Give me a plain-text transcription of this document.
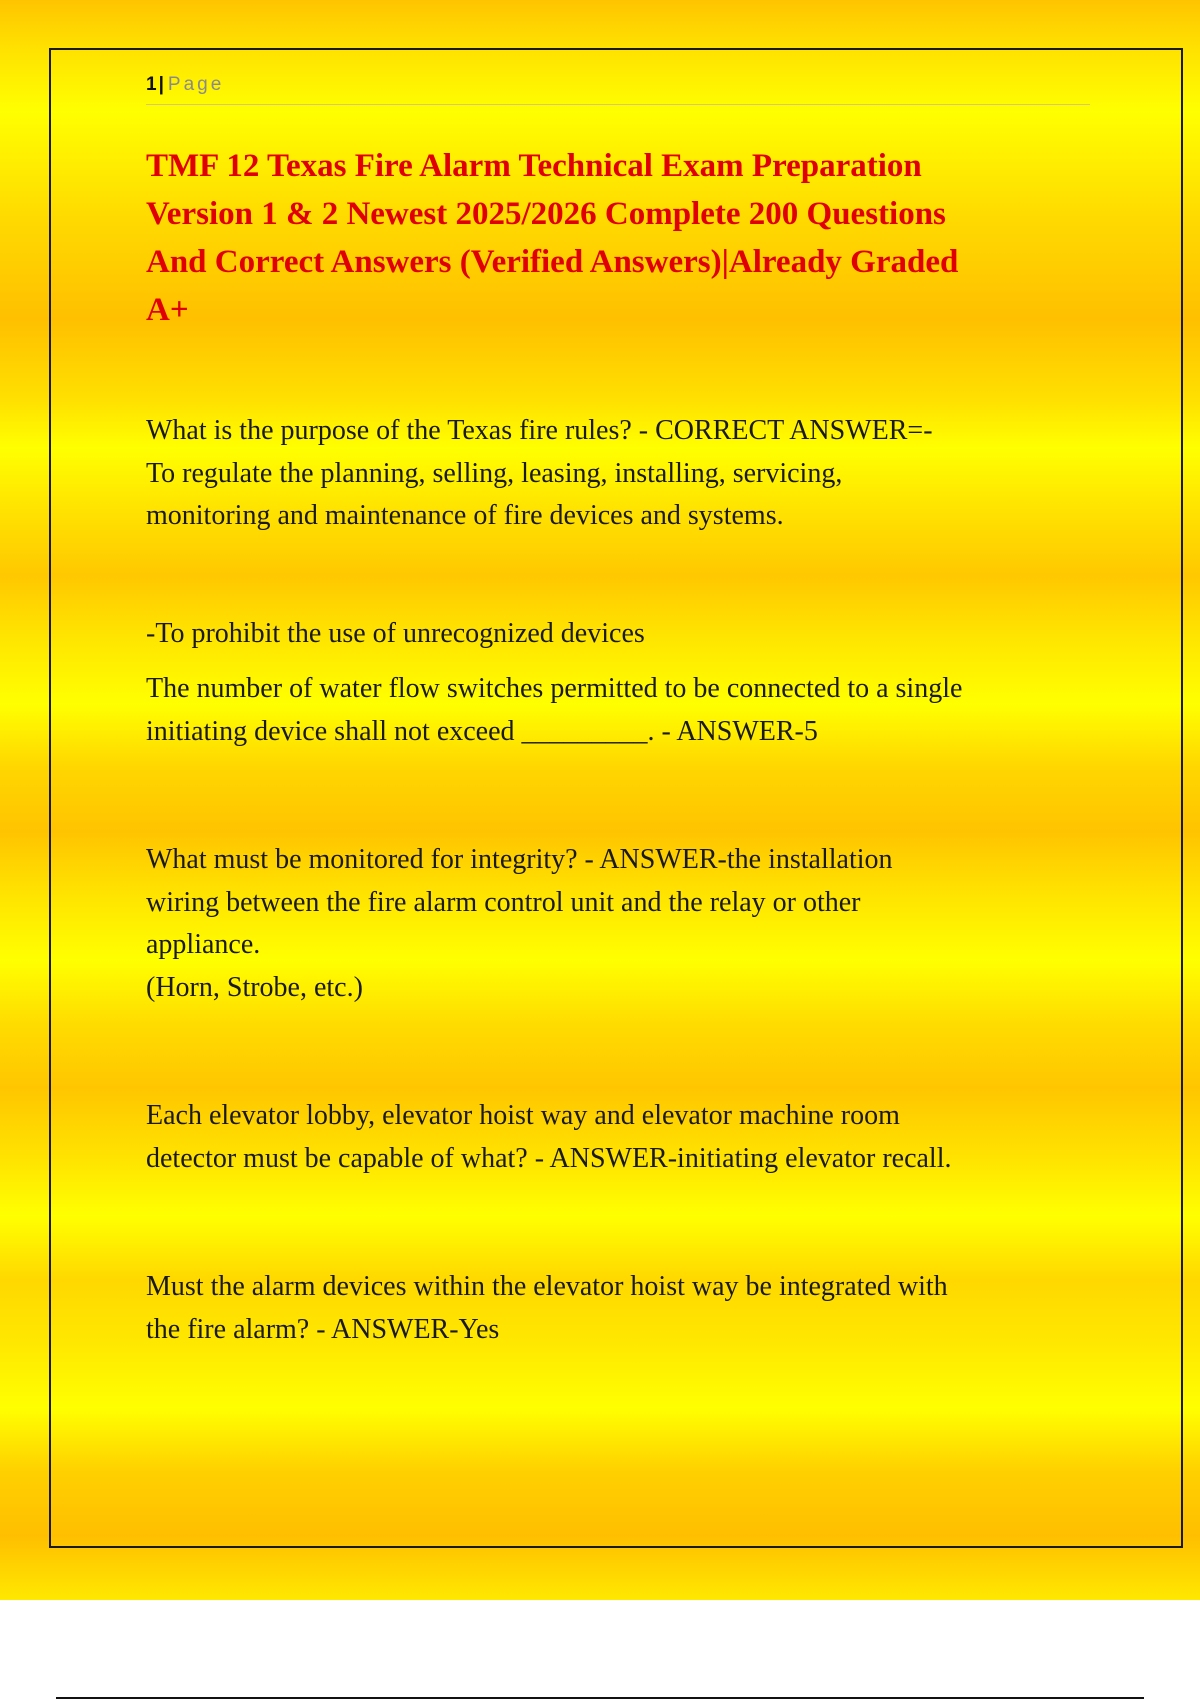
1 | Page
TMF 12 Texas Fire Alarm Technical Exam Preparation
Version 1 & 2 Newest 2025/2026 Complete 200 Questions
And Correct Answers (Verified Answers)|Already Graded
A+

What is the purpose of the Texas fire rules? - CORRECT ANSWER=-
To regulate the planning, selling, leasing, installing, servicing,
monitoring and maintenance of fire devices and systems.

-To prohibit the use of unrecognized devices

The number of water flow switches permitted to be connected to a single
initiating device shall not exceed _________. - ANSWER-5

What must be monitored for integrity? - ANSWER-the installation
wiring between the fire alarm control unit and the relay or other
appliance.
(Horn, Strobe, etc.)

Each elevator lobby, elevator hoist way and elevator machine room
detector must be capable of what? - ANSWER-initiating elevator recall.

Must the alarm devices within the elevator hoist way be integrated with
the fire alarm? - ANSWER-Yes
